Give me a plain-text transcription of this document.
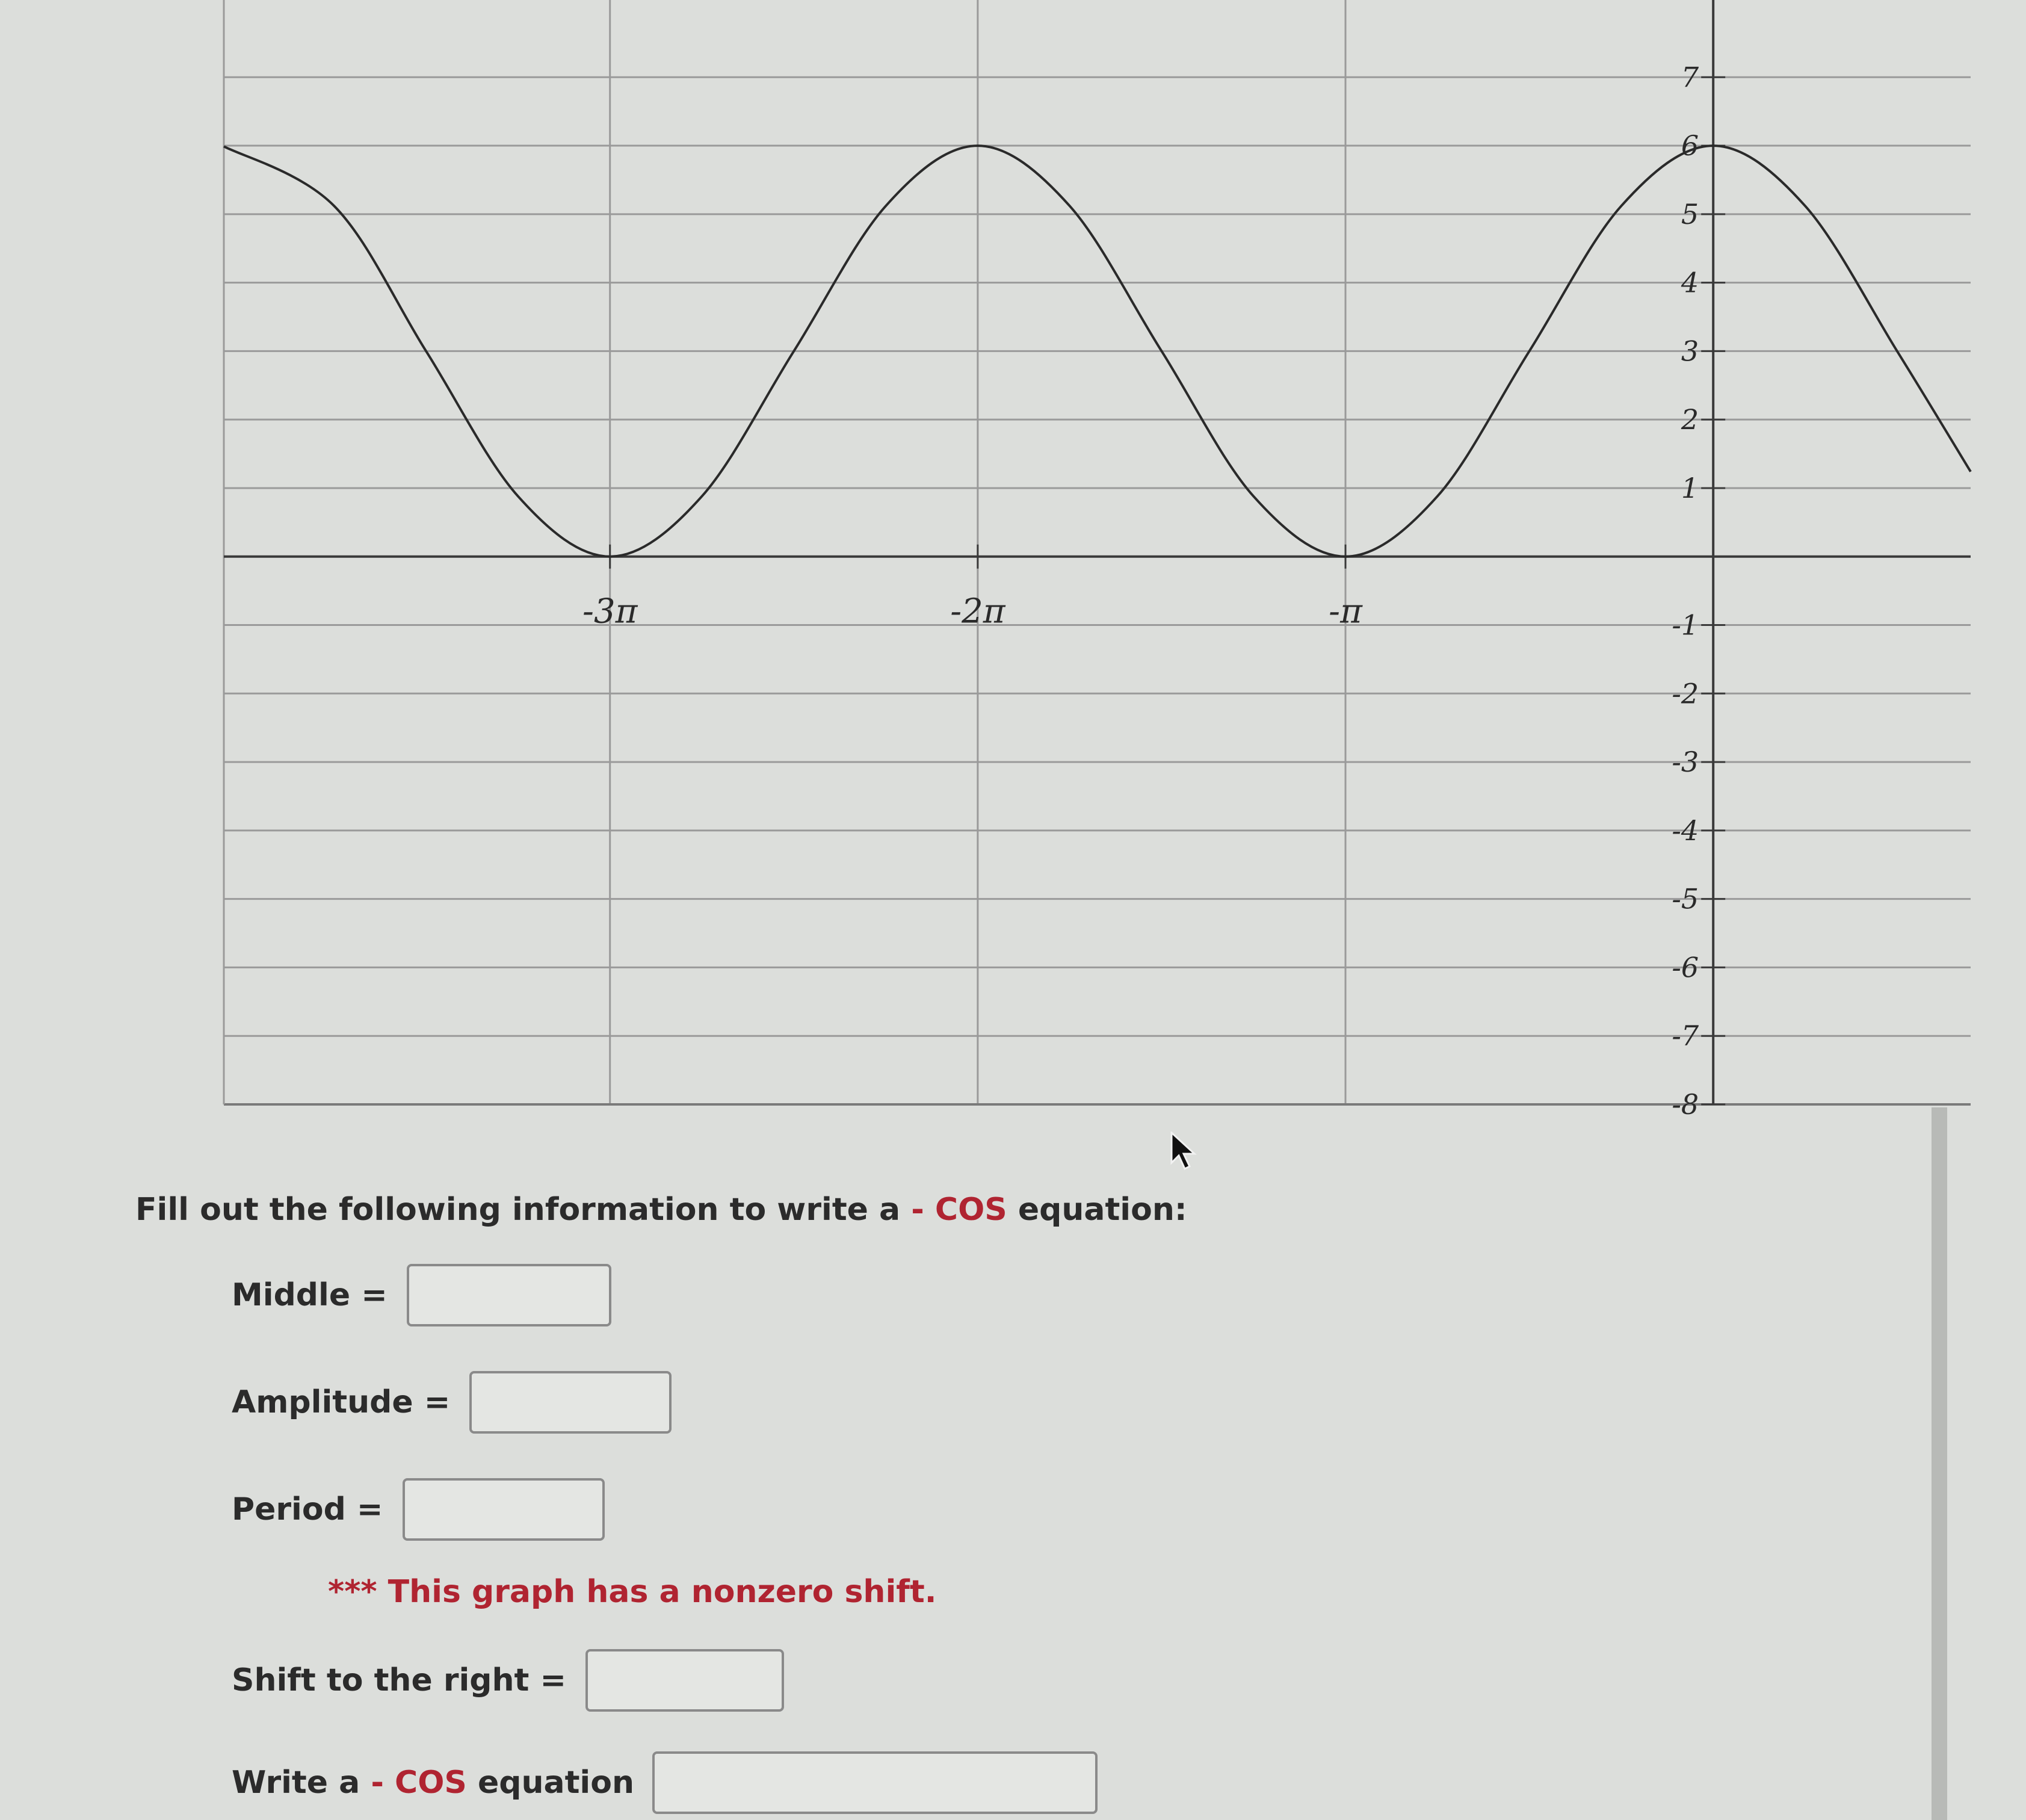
7
6
5
4
3
2
1
-1
-2
-3
-4
-5
-6
-7
-8
-3π	-2π	-π
Fill out the following information to write a - COS equation:
Middle =
Amplitude =
Period =
*** This graph has a nonzero shift.
Shift to the right =
Write a - COS equation
